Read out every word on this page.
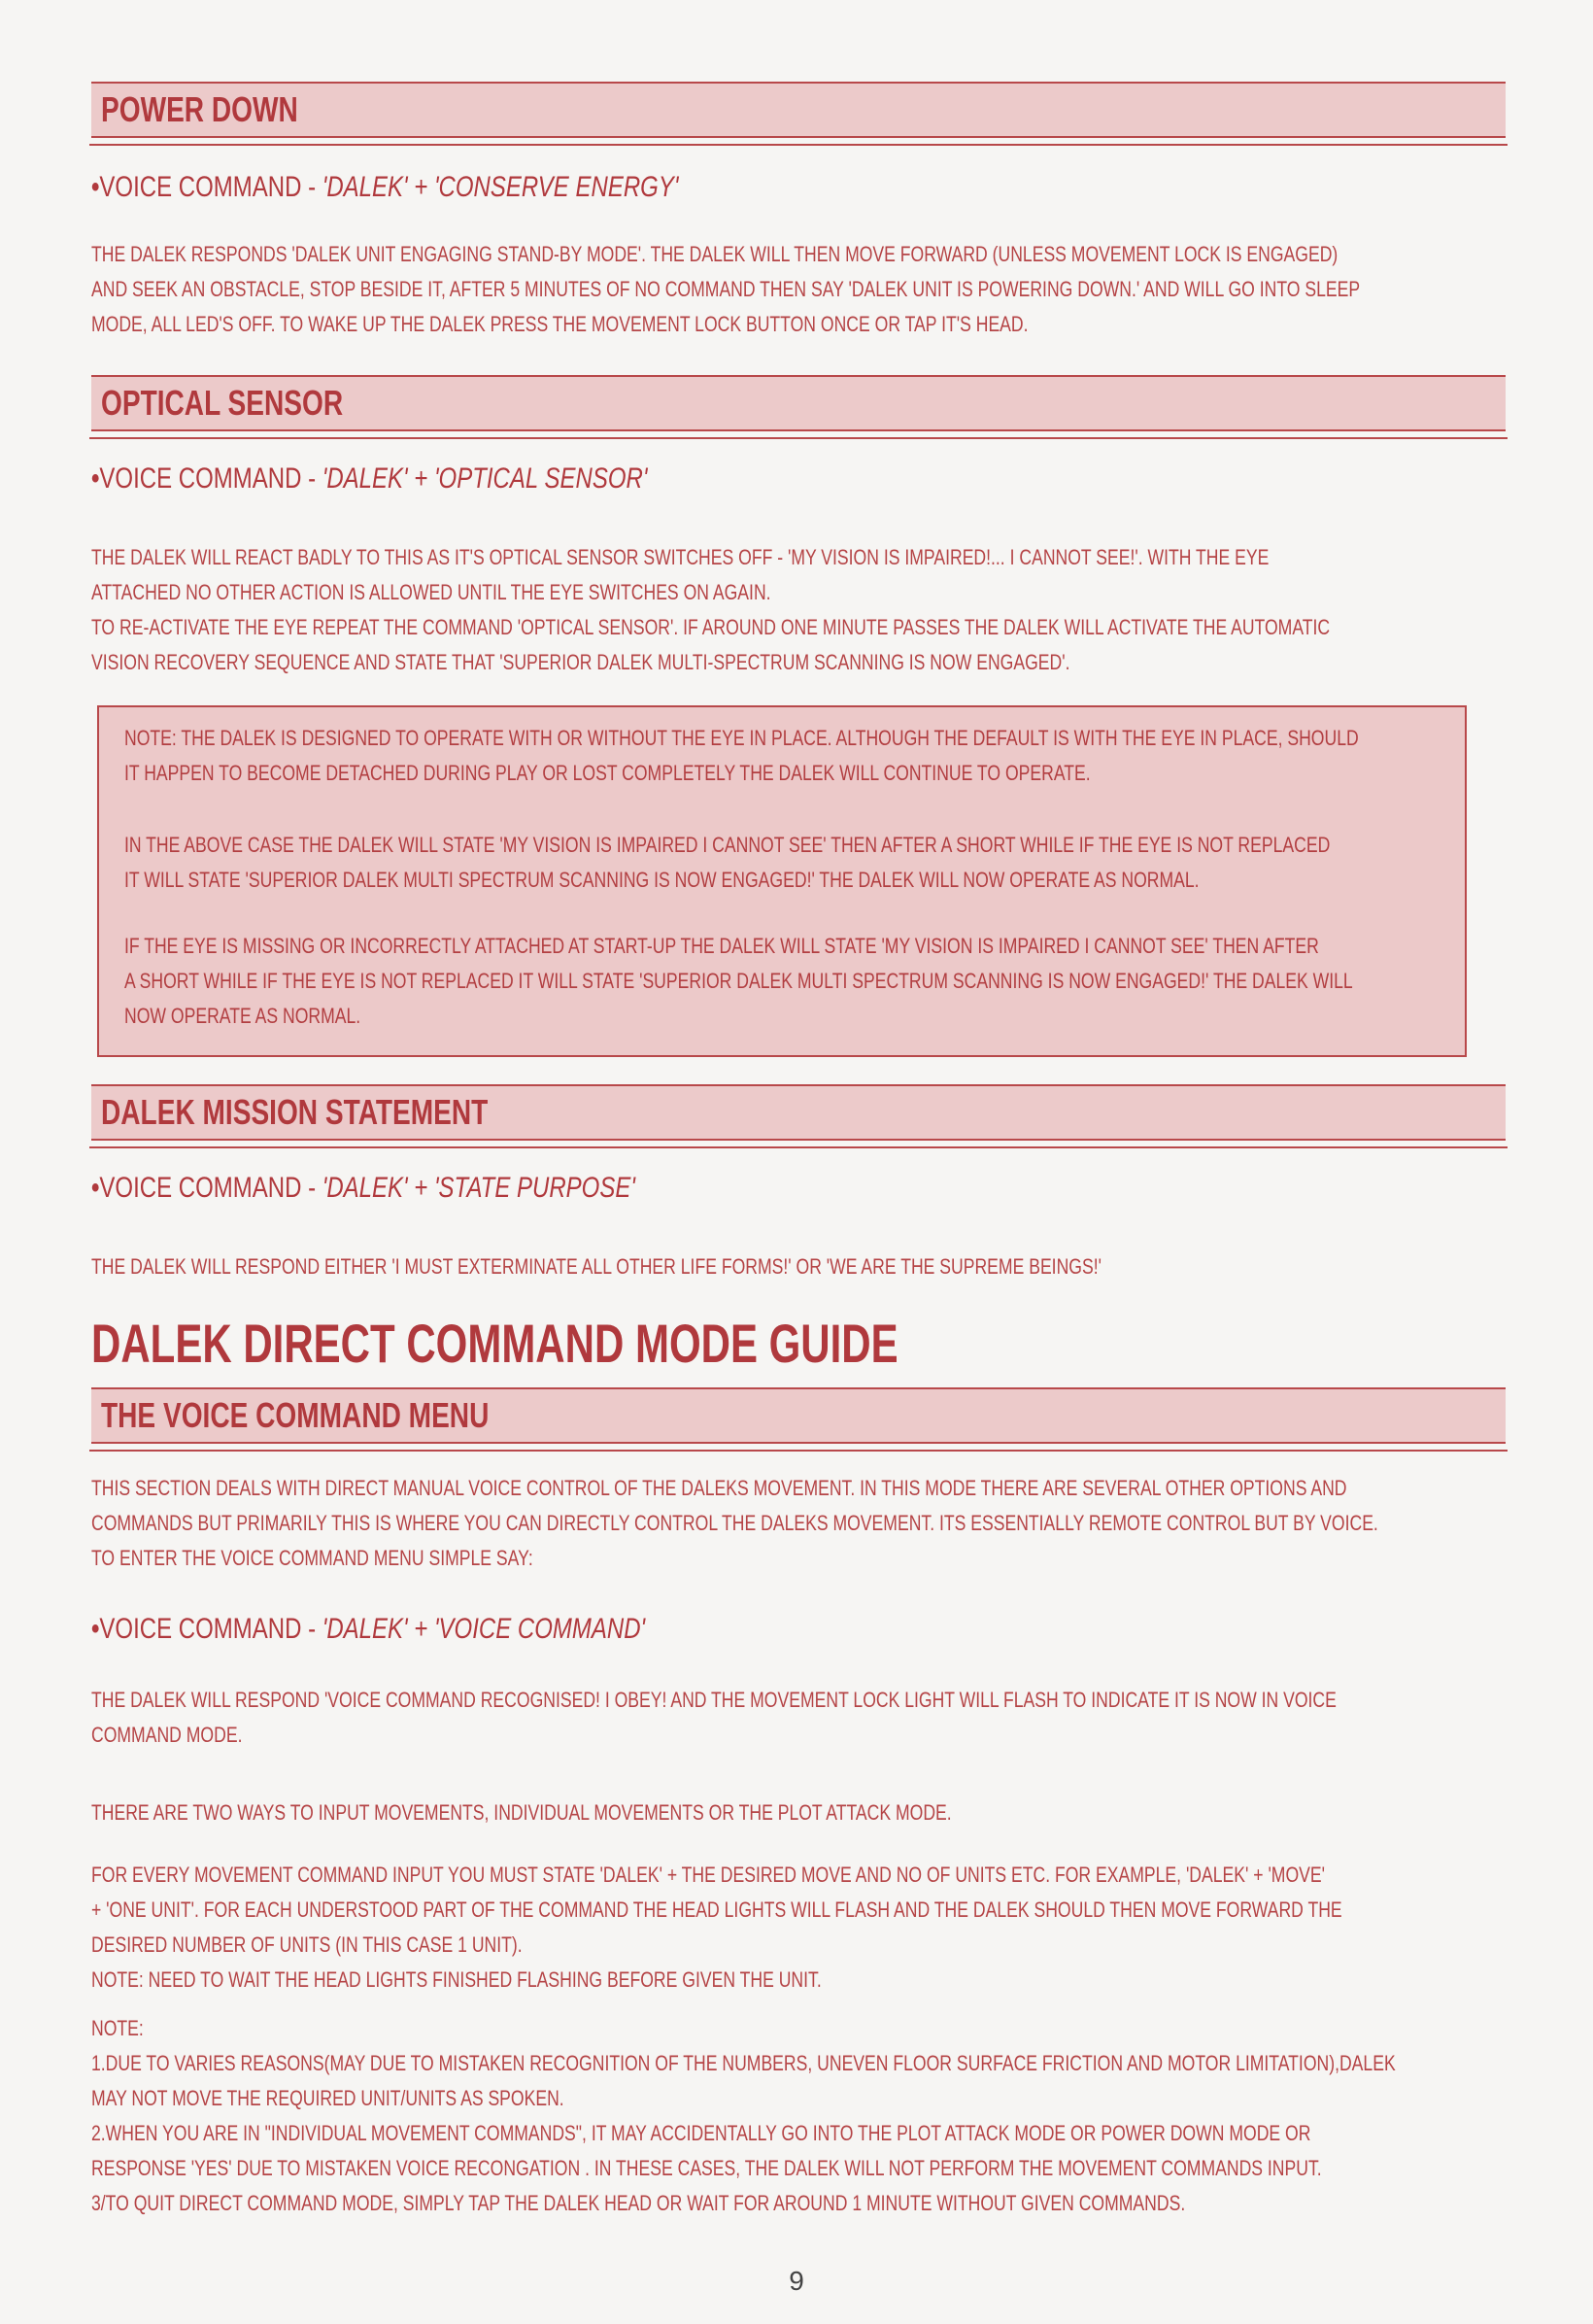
POWER DOWN
•VOICE COMMAND - 'DALEK' + 'CONSERVE ENERGY'
THE DALEK RESPONDS 'DALEK UNIT ENGAGING STAND-BY MODE'. THE DALEK WILL THEN MOVE FORWARD (UNLESS MOVEMENT LOCK IS ENGAGED)
AND SEEK AN OBSTACLE, STOP BESIDE IT, AFTER 5 MINUTES OF NO COMMAND THEN SAY 'DALEK UNIT IS POWERING DOWN.' AND WILL GO INTO SLEEP
MODE, ALL LED'S OFF. TO WAKE UP THE DALEK PRESS THE MOVEMENT LOCK BUTTON ONCE OR TAP IT'S HEAD.
OPTICAL SENSOR
•VOICE COMMAND - 'DALEK' + 'OPTICAL SENSOR'
THE DALEK WILL REACT BADLY TO THIS AS IT'S OPTICAL SENSOR SWITCHES OFF - 'MY VISION IS IMPAIRED!... I CANNOT SEE!'. WITH THE EYE
ATTACHED NO OTHER ACTION IS ALLOWED UNTIL THE EYE SWITCHES ON AGAIN.
TO RE-ACTIVATE THE EYE REPEAT THE COMMAND 'OPTICAL SENSOR'. IF AROUND ONE MINUTE PASSES THE DALEK WILL ACTIVATE THE AUTOMATIC
VISION RECOVERY SEQUENCE AND STATE THAT 'SUPERIOR DALEK MULTI-SPECTRUM SCANNING IS NOW ENGAGED'.
NOTE: THE DALEK IS DESIGNED TO OPERATE WITH OR WITHOUT THE EYE IN PLACE. ALTHOUGH THE DEFAULT IS WITH THE EYE IN PLACE, SHOULD
IT HAPPEN TO BECOME DETACHED DURING PLAY OR LOST COMPLETELY THE DALEK WILL CONTINUE TO OPERATE.
IN THE ABOVE CASE THE DALEK WILL STATE 'MY VISION IS IMPAIRED I CANNOT SEE' THEN AFTER A SHORT WHILE IF THE EYE IS NOT REPLACED
IT WILL STATE 'SUPERIOR DALEK MULTI SPECTRUM SCANNING IS NOW ENGAGED!' THE DALEK WILL NOW OPERATE AS NORMAL.
IF THE EYE IS MISSING OR INCORRECTLY ATTACHED AT START-UP THE DALEK WILL STATE 'MY VISION IS IMPAIRED I CANNOT SEE' THEN AFTER
A SHORT WHILE IF THE EYE IS NOT REPLACED IT WILL STATE 'SUPERIOR DALEK MULTI SPECTRUM SCANNING IS NOW ENGAGED!' THE DALEK WILL
NOW OPERATE AS NORMAL.
DALEK MISSION STATEMENT
•VOICE COMMAND - 'DALEK' + 'STATE PURPOSE'
THE DALEK WILL RESPOND EITHER 'I MUST EXTERMINATE ALL OTHER LIFE FORMS!' OR 'WE ARE THE SUPREME BEINGS!'
DALEK DIRECT COMMAND MODE GUIDE
THE VOICE COMMAND MENU
THIS SECTION DEALS WITH DIRECT MANUAL VOICE CONTROL OF THE DALEKS MOVEMENT. IN THIS MODE THERE ARE SEVERAL OTHER OPTIONS AND
COMMANDS BUT PRIMARILY THIS IS WHERE YOU CAN DIRECTLY CONTROL THE DALEKS MOVEMENT. ITS ESSENTIALLY REMOTE CONTROL BUT BY VOICE.
TO ENTER THE VOICE COMMAND MENU SIMPLE SAY:
•VOICE COMMAND - 'DALEK' + 'VOICE COMMAND'
THE DALEK WILL RESPOND 'VOICE COMMAND RECOGNISED! I OBEY! AND THE MOVEMENT LOCK LIGHT WILL FLASH TO INDICATE IT IS NOW IN VOICE
COMMAND MODE.
THERE ARE TWO WAYS TO INPUT MOVEMENTS, INDIVIDUAL MOVEMENTS OR THE PLOT ATTACK MODE.
FOR EVERY MOVEMENT COMMAND INPUT YOU MUST STATE 'DALEK' + THE DESIRED MOVE AND NO OF UNITS ETC. FOR EXAMPLE, 'DALEK' + 'MOVE'
+ 'ONE UNIT'. FOR EACH UNDERSTOOD PART OF THE COMMAND THE HEAD LIGHTS WILL FLASH AND THE DALEK SHOULD THEN MOVE FORWARD THE
DESIRED NUMBER OF UNITS (IN THIS CASE 1 UNIT).
NOTE: NEED TO WAIT THE HEAD LIGHTS FINISHED FLASHING BEFORE GIVEN THE UNIT.
NOTE:
1.DUE TO VARIES REASONS(MAY DUE TO MISTAKEN RECOGNITION OF THE NUMBERS, UNEVEN FLOOR SURFACE FRICTION AND MOTOR LIMITATION),DALEK
MAY NOT MOVE THE REQUIRED UNIT/UNITS AS SPOKEN.
2.WHEN YOU ARE IN "INDIVIDUAL MOVEMENT COMMANDS", IT MAY ACCIDENTALLY GO INTO THE PLOT ATTACK MODE OR POWER DOWN MODE OR
RESPONSE 'YES' DUE TO MISTAKEN VOICE RECONGATION . IN THESE CASES, THE DALEK WILL NOT PERFORM THE MOVEMENT COMMANDS INPUT.
3/TO QUIT DIRECT COMMAND MODE, SIMPLY TAP THE DALEK HEAD OR WAIT FOR AROUND 1 MINUTE WITHOUT GIVEN COMMANDS.
9
